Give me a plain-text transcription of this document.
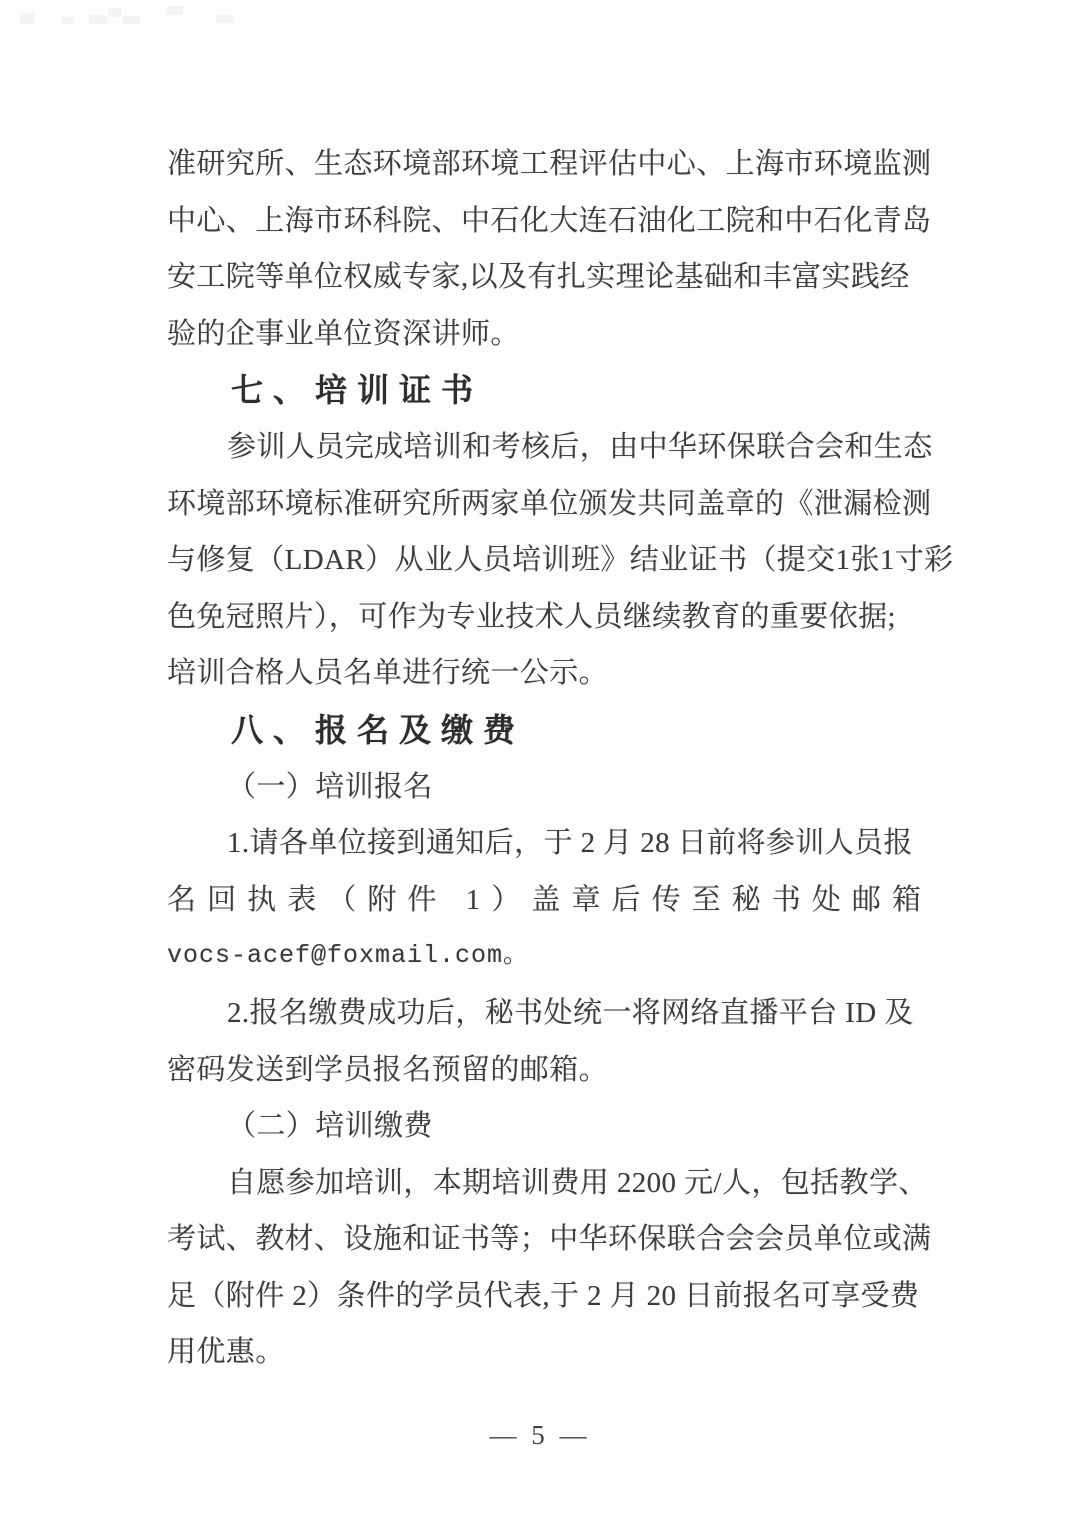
准研究所、生态环境部环境工程评估中心、上海市环境监测
中心、上海市环科院、中石化大连石油化工院和中石化青岛
安工院等单位权威专家,以及有扎实理论基础和丰富实践经
验的企事业单位资深讲师。
七、培训证书
参训人员完成培训和考核后，由中华环保联合会和生态
环境部环境标准研究所两家单位颁发共同盖章的《泄漏检测
与修复（LDAR）从业人员培训班》结业证书（提交1张1寸彩
色免冠照片），可作为专业技术人员继续教育的重要依据;
培训合格人员名单进行统一公示。
八、报名及缴费
（一）培训报名
1.请各单位接到通知后，于 2 月 28 日前将参训人员报
名回执表（附件 1）盖章后传至秘书处邮箱
vocs-acef@foxmail.com。
2.报名缴费成功后，秘书处统一将网络直播平台 ID 及
密码发送到学员报名预留的邮箱。
（二）培训缴费
自愿参加培训，本期培训费用 2200 元/人，包括教学、
考试、教材、设施和证书等；中华环保联合会会员单位或满
足（附件 2）条件的学员代表,于 2 月 20 日前报名可享受费
用优惠。
— 5 —
